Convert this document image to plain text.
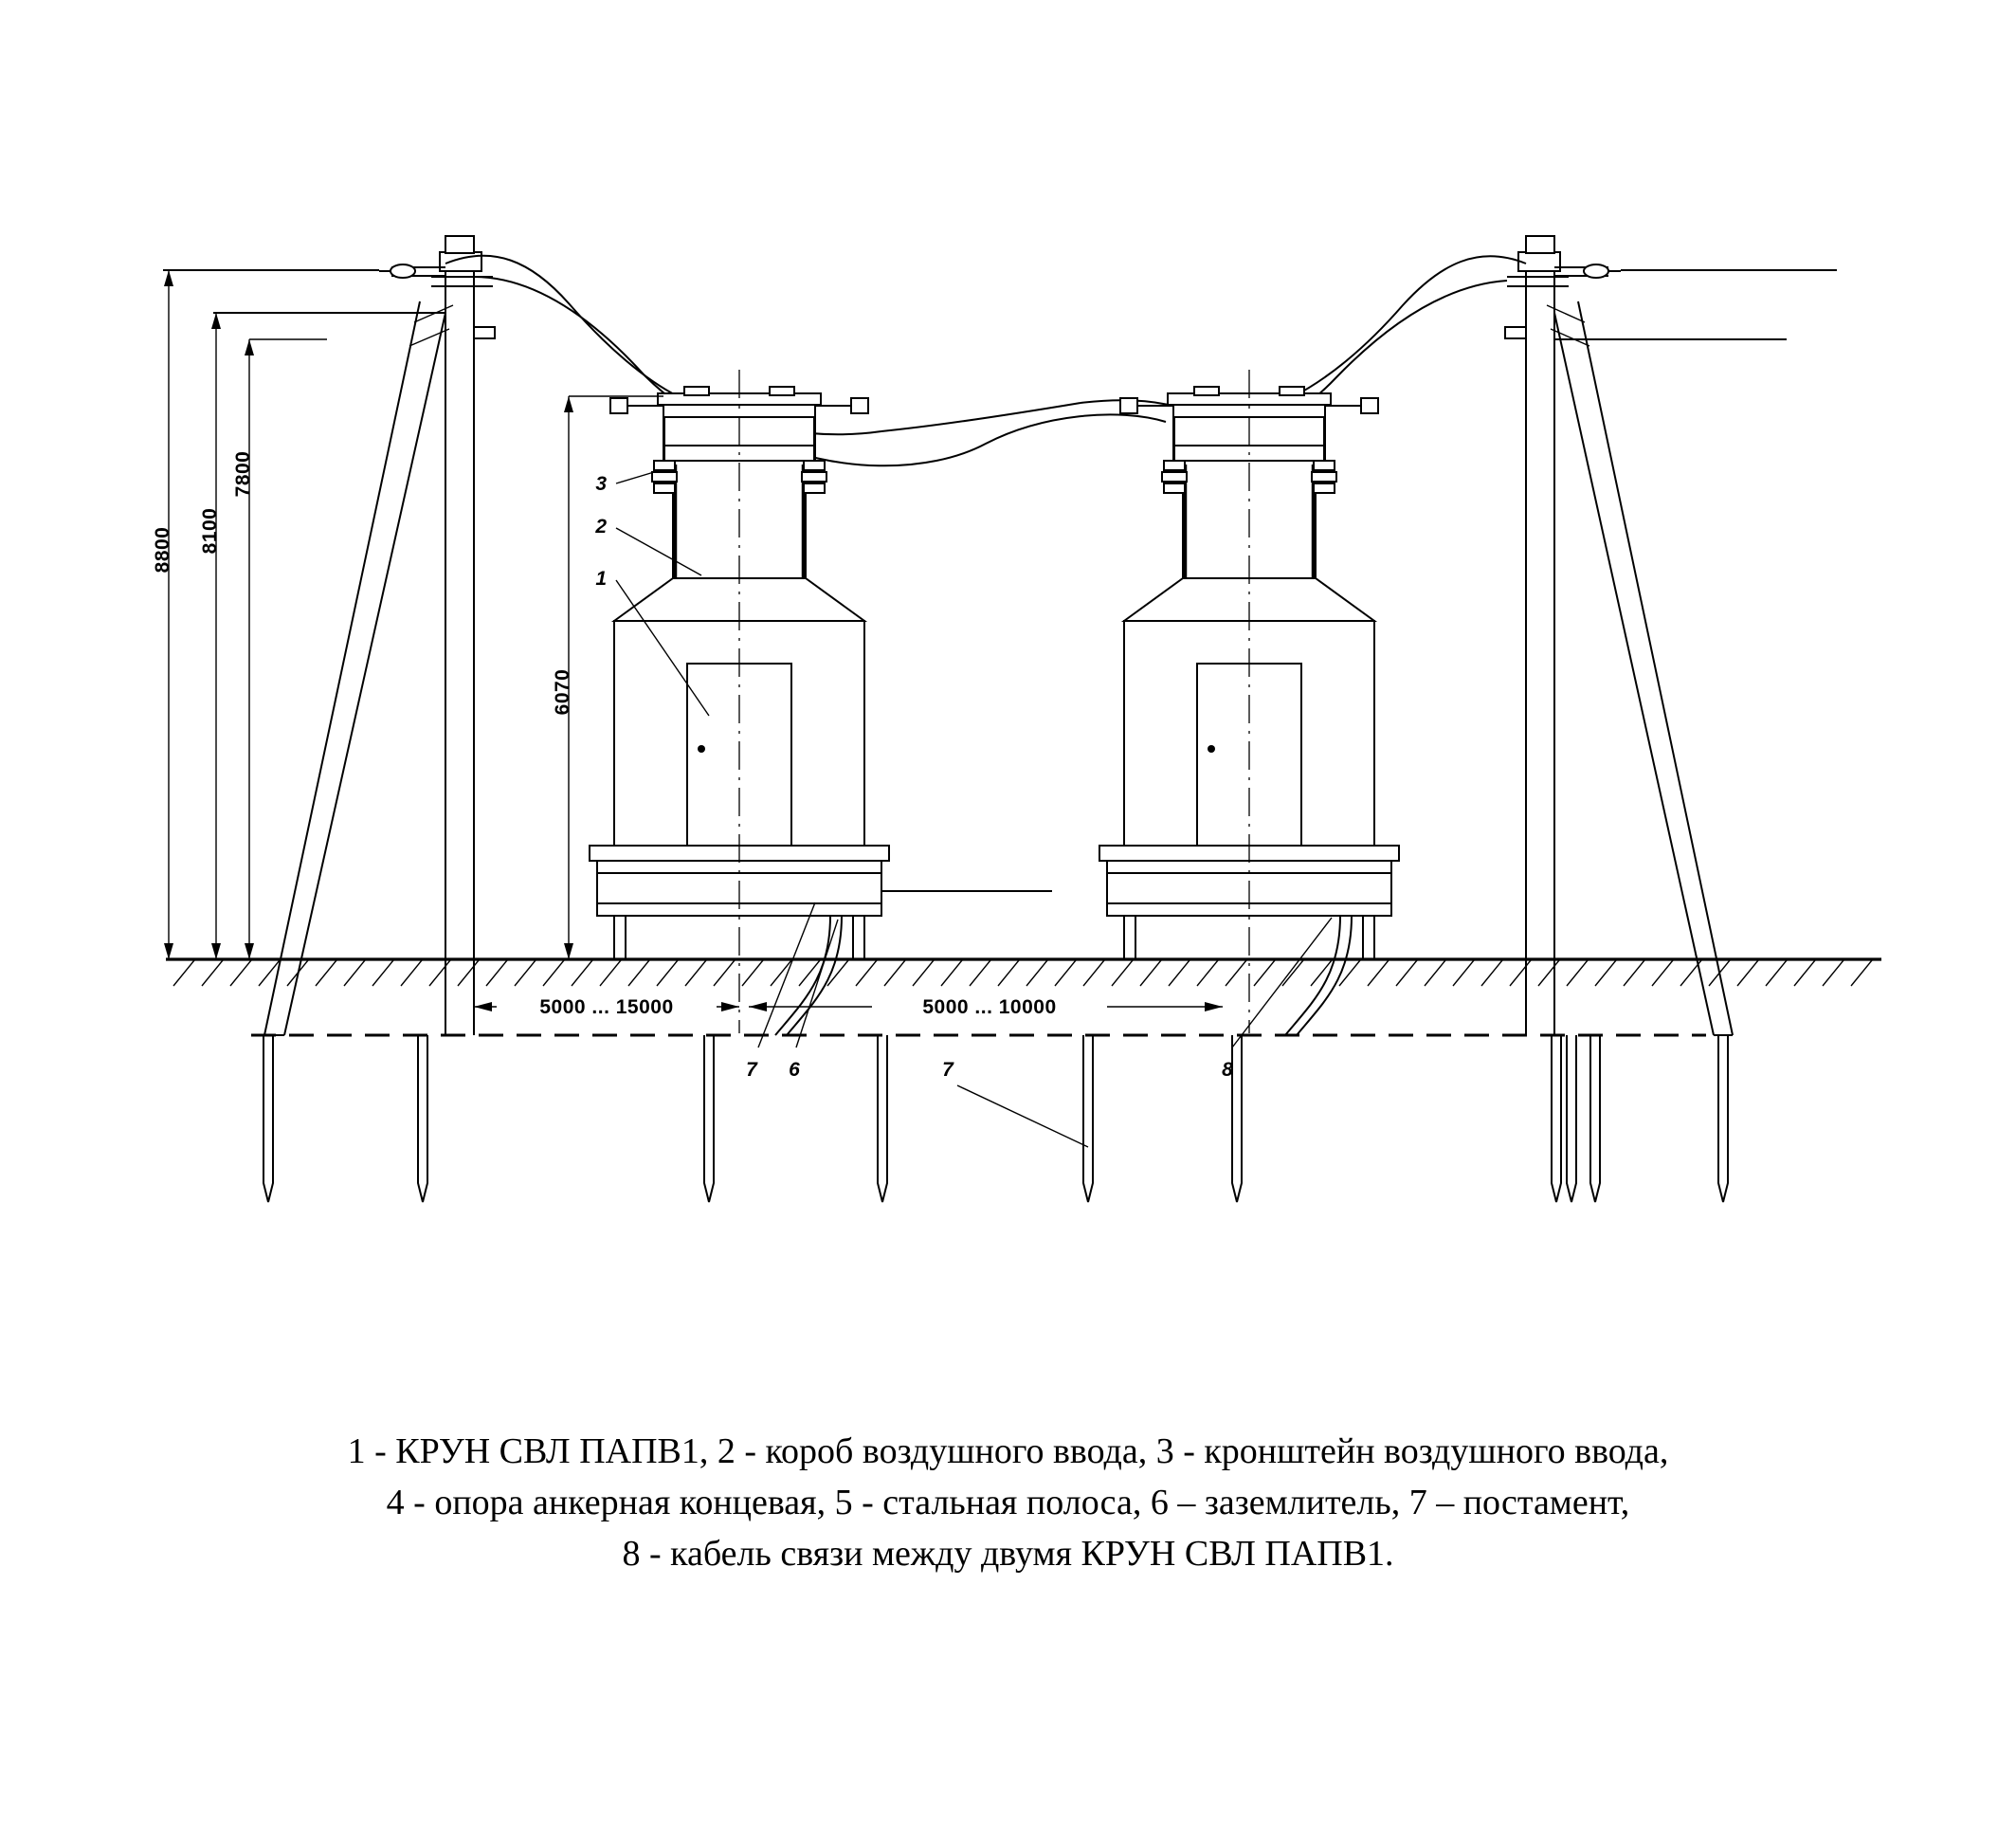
8800 8100
7800
6070
5000 ... 15000	5000 ... 10000
3
2
1
7 6	7	8
1 - КРУН СВЛ ПАПВ1, 2 - короб воздушного ввода, 3 - кронштейн воздушного ввода,
4 - опора анкерная концевая, 5 - стальная полоса, 6 – заземлитель, 7 – постамент,
8 - кабель связи между двумя КРУН СВЛ ПАПВ1.
